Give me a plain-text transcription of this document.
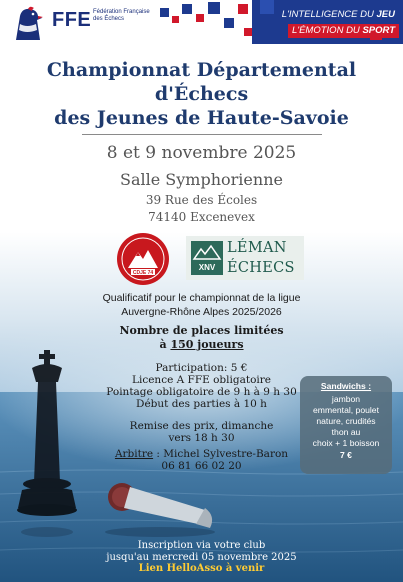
FFE Fédération Française des Échecs	L'INTELLIGENCE DU JEU
L'ÉMOTION DU SPORT
Championnat Départemental
d'Échecs
des Jeunes de Haute-Savoie
8 et 9 novembre 2025
Salle Symphorienne
39 Rue des Écoles
74140 Excenevex
CDJE 74
XNV
LÉMAN
ÉCHECS
Qualificatif pour le championnat de la ligue
Auvergne-Rhône Alpes 2025/2026
Nombre de places limitées
à 150 joueurs
Participation: 5 €
Licence A FFE obligatoire
Pointage obligatoire de 9 h à 9 h 30
Début des parties à 10 h
Remise des prix, dimanche
vers 18 h 30
Arbitre : Michel Sylvestre-Baron
06 81 66 02 20
Sandwichs :
jambon
emmental, poulet
nature, crudités
thon au
choix + 1 boisson
7 €
Inscription via votre club
jusqu'au mercredi 05 novembre 2025
Lien HelloAsso à venir
